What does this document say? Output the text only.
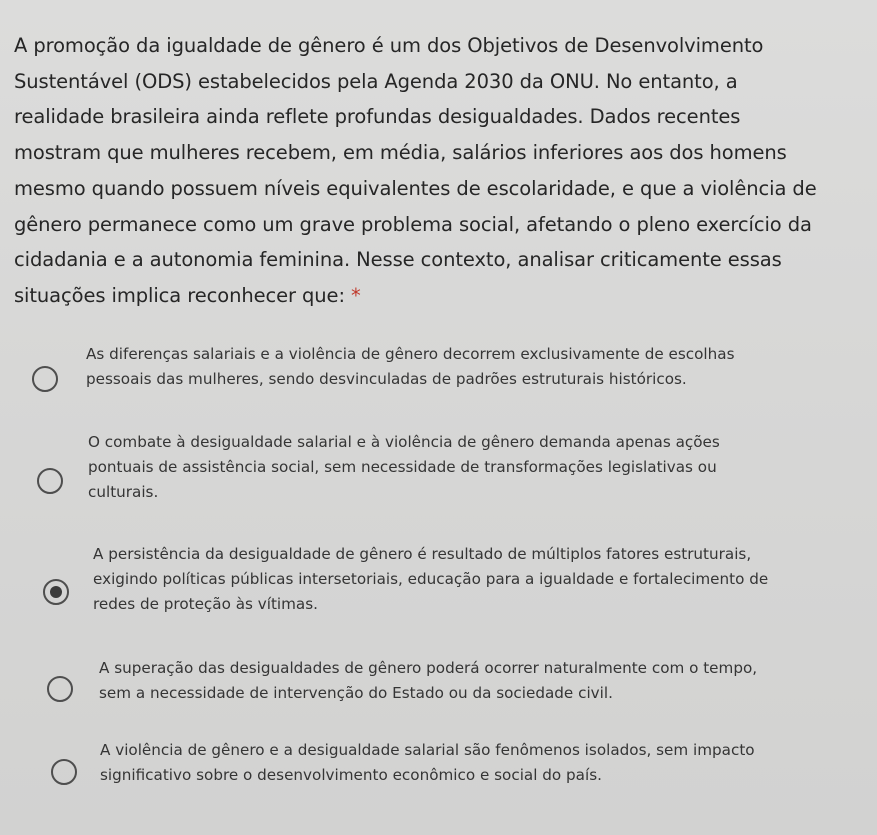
A promoção da igualdade de gênero é um dos Objetivos de Desenvolvimento
Sustentável (ODS) estabelecidos pela Agenda 2030 da ONU. No entanto, a
realidade brasileira ainda reflete profundas desigualdades. Dados recentes
mostram que mulheres recebem, em média, salários inferiores aos dos homens
mesmo quando possuem níveis equivalentes de escolaridade, e que a violência de
gênero permanece como um grave problema social, afetando o pleno exercício da
cidadania e a autonomia feminina. Nesse contexto, analisar criticamente essas
situações implica reconhecer que: *
As diferenças salariais e a violência de gênero decorrem exclusivamente de escolhas
pessoais das mulheres, sendo desvinculadas de padrões estruturais históricos.
O combate à desigualdade salarial e à violência de gênero demanda apenas ações
pontuais de assistência social, sem necessidade de transformações legislativas ou
culturais.
A persistência da desigualdade de gênero é resultado de múltiplos fatores estruturais,
exigindo políticas públicas intersetoriais, educação para a igualdade e fortalecimento de
redes de proteção às vítimas.
A superação das desigualdades de gênero poderá ocorrer naturalmente com o tempo,
sem a necessidade de intervenção do Estado ou da sociedade civil.
A violência de gênero e a desigualdade salarial são fenômenos isolados, sem impacto
significativo sobre o desenvolvimento econômico e social do país.
